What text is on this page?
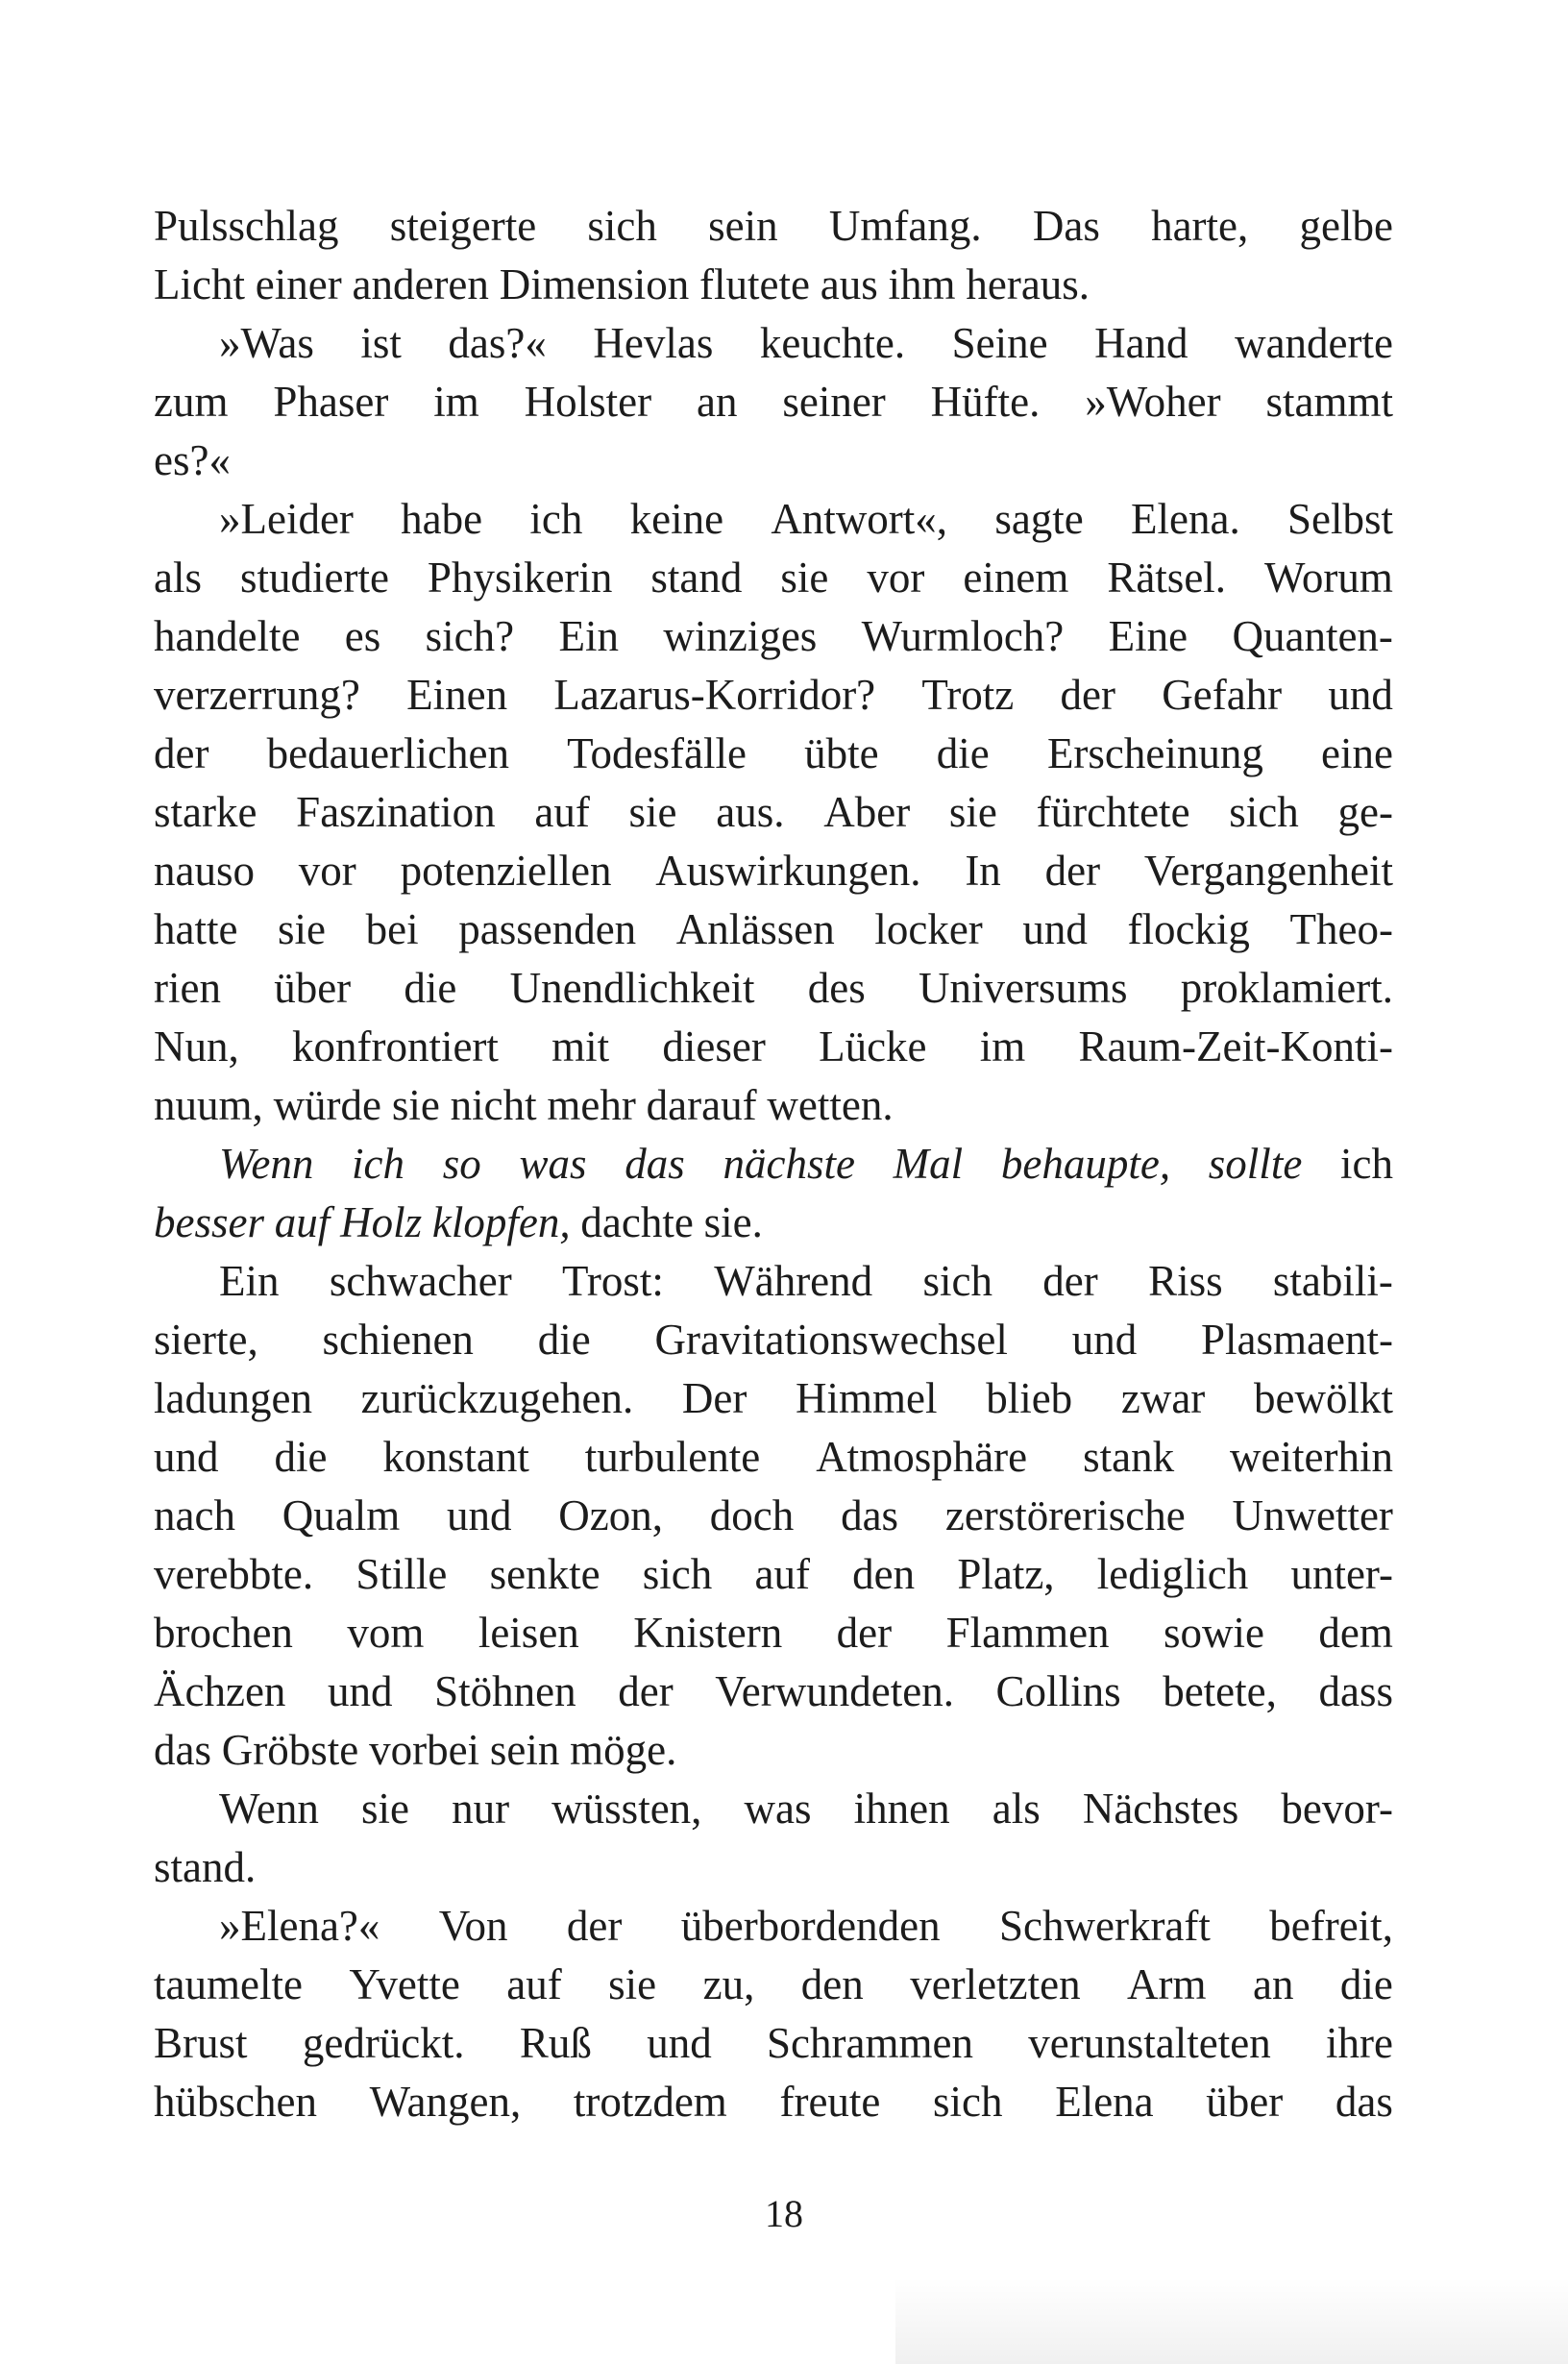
Pulsschlag steigerte sich sein Umfang. Das harte, gelbe
Licht einer anderen Dimension flutete aus ihm heraus.
»Was ist das?« Hevlas keuchte. Seine Hand wanderte
zum Phaser im Holster an seiner Hüfte. »Woher stammt
es?«
»Leider habe ich keine Antwort«, sagte Elena. Selbst
als studierte Physikerin stand sie vor einem Rätsel. Worum
handelte es sich? Ein winziges Wurmloch? Eine Quanten-
verzerrung? Einen Lazarus-Korridor? Trotz der Gefahr und
der bedauerlichen Todesfälle übte die Erscheinung eine
starke Faszination auf sie aus. Aber sie fürchtete sich ge-
nauso vor potenziellen Auswirkungen. In der Vergangenheit
hatte sie bei passenden Anlässen locker und flockig Theo-
rien über die Unendlichkeit des Universums proklamiert.
Nun, konfrontiert mit dieser Lücke im Raum-Zeit-Konti-
nuum, würde sie nicht mehr darauf wetten.
Wenn ich so was das nächste Mal behaupte, sollte ich
besser auf Holz klopfen, dachte sie.
Ein schwacher Trost: Während sich der Riss stabili-
sierte, schienen die Gravitationswechsel und Plasmaent-
ladungen zurückzugehen. Der Himmel blieb zwar bewölkt
und die konstant turbulente Atmosphäre stank weiterhin
nach Qualm und Ozon, doch das zerstörerische Unwetter
verebbte. Stille senkte sich auf den Platz, lediglich unter-
brochen vom leisen Knistern der Flammen sowie dem
Ächzen und Stöhnen der Verwundeten. Collins betete, dass
das Gröbste vorbei sein möge.
Wenn sie nur wüssten, was ihnen als Nächstes bevor-
stand.
»Elena?« Von der überbordenden Schwerkraft befreit,
taumelte Yvette auf sie zu, den verletzten Arm an die
Brust gedrückt. Ruß und Schrammen verunstalteten ihre
hübschen Wangen, trotzdem freute sich Elena über das
18
